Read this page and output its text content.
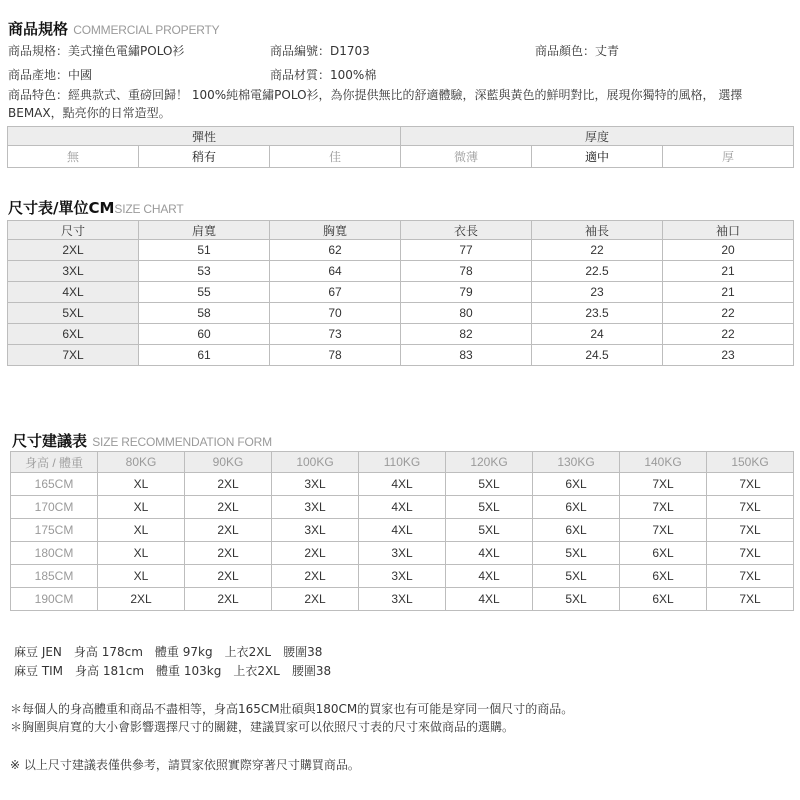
商品規格 COMMERCIAL PROPERTY
商品規格：美式撞色電繡POLO衫	商品編號：D1703	商品顏色：丈青
商品產地：中國	商品材質：100%棉
商品特色：經典款式、重磅回歸！ 100%純棉電繡POLO衫，為你提供無比的舒適體驗，深藍與黃色的鮮明對比，展現你獨特的風格， 選擇BEMAX，點亮你的日常造型。
彈性			厚度		
無	稍有	佳	微薄	適中	厚
尺寸表/單位CMSIZE CHART
尺寸	肩寬	胸寬	衣長	袖長	袖口
2XL	51	62	77	22	20
3XL	53	64	78	22.5	21
4XL	55	67	79	23	21
5XL	58	70	80	23.5	22
6XL	60	73	82	24	22
7XL	61	78	83	24.5	23
尺寸建議表 SIZE RECOMMENDATION FORM
身高 / 體重	80KG	90KG	100KG	110KG	120KG	130KG	140KG	150KG
165CM	XL	2XL	3XL	4XL	5XL	6XL	7XL	7XL
170CM	XL	2XL	3XL	4XL	5XL	6XL	7XL	7XL
175CM	XL	2XL	3XL	4XL	5XL	6XL	7XL	7XL
180CM	XL	2XL	2XL	3XL	4XL	5XL	6XL	7XL
185CM	XL	2XL	2XL	3XL	4XL	5XL	6XL	7XL
190CM	2XL	2XL	2XL	3XL	4XL	5XL	6XL	7XL
麻豆 JEN　身高 178cm　體重 97kg　上衣2XL　腰圍38
麻豆 TIM　身高 181cm　體重 103kg　上衣2XL　腰圍38
＊每個人的身高體重和商品不盡相等，身高165CM壯碩與180CM的買家也有可能是穿同一個尺寸的商品。
＊胸圍與肩寬的大小會影響選擇尺寸的關鍵，建議買家可以依照尺寸表的尺寸來做商品的選購。
※ 以上尺寸建議表僅供參考，請買家依照實際穿著尺寸購買商品。
